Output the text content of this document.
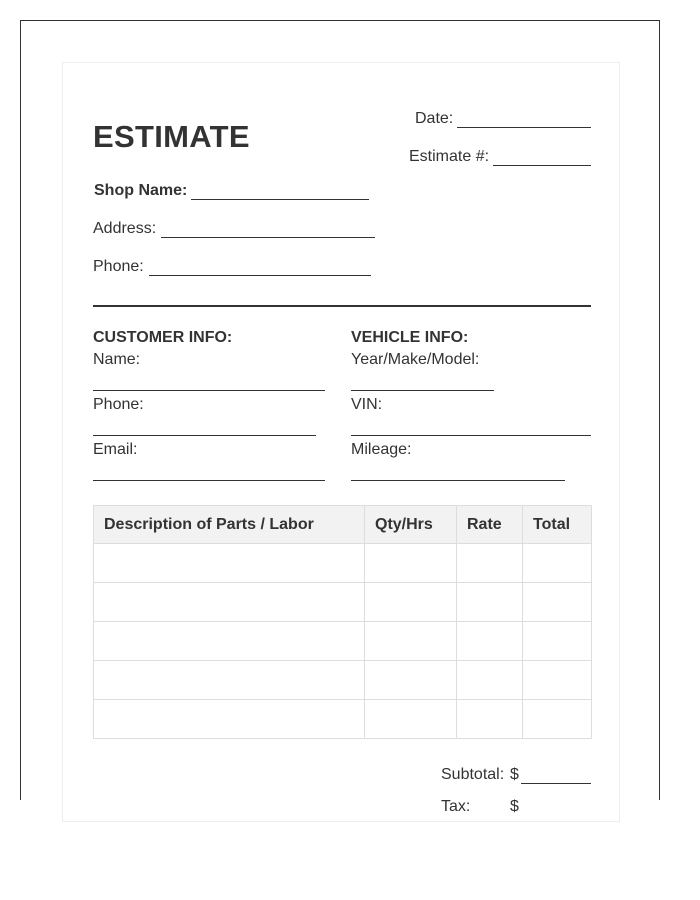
ESTIMATE
Date:
Estimate #:
Shop Name:
Address:
Phone:
CUSTOMER INFO:
Name:
Phone:
Email:
VEHICLE INFO:
Year/Make/Model:
VIN:
Mileage:
Description of Parts / Labor	Qty/Hrs	Rate	Total

Subtotal: $
Tax: $
